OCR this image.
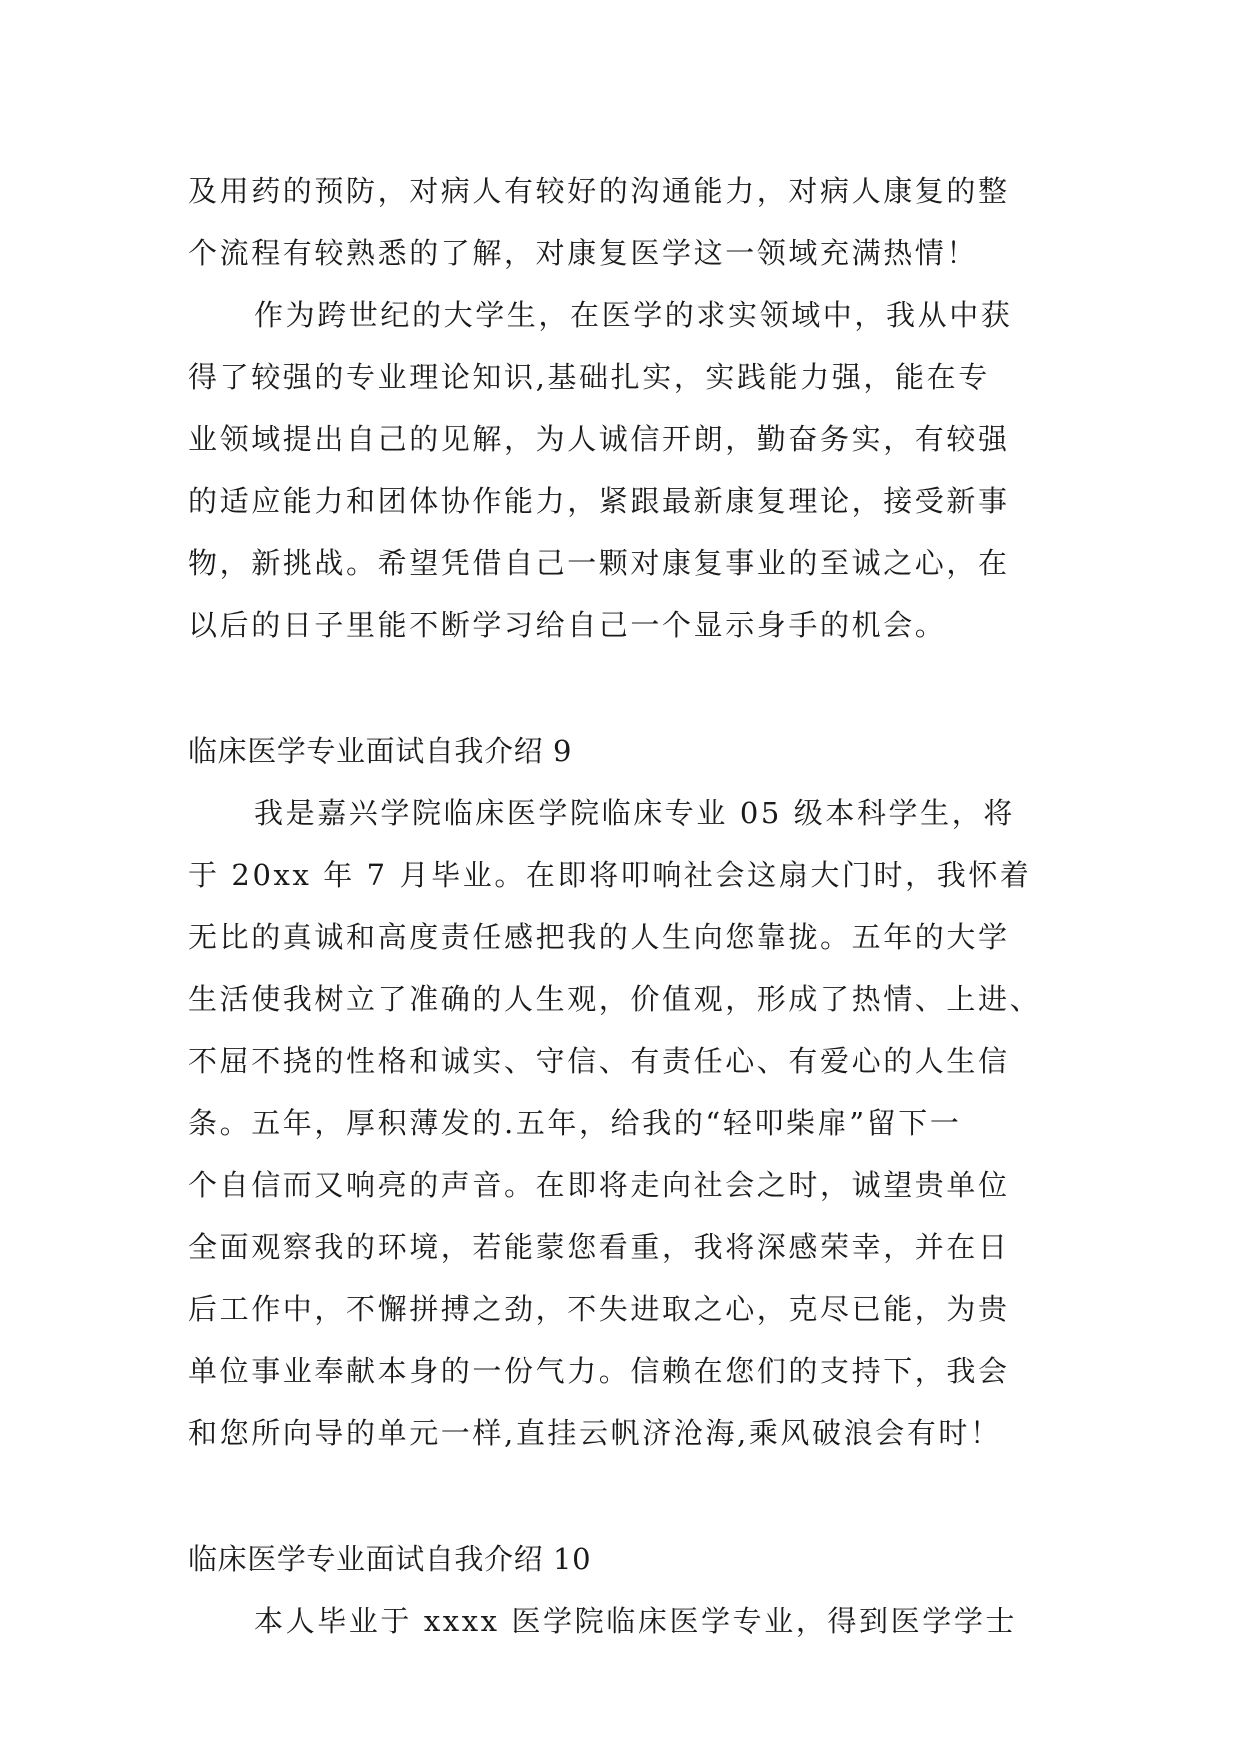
及用药的预防，对病人有较好的沟通能力，对病人康复的整
个流程有较熟悉的了解，对康复医学这一领域充满热情！
作为跨世纪的大学生，在医学的求实领域中，我从中获
得了较强的专业理论知识,基础扎实，实践能力强，能在专
业领域提出自己的见解，为人诚信开朗，勤奋务实，有较强
的适应能力和团体协作能力，紧跟最新康复理论，接受新事
物，新挑战。希望凭借自己一颗对康复事业的至诚之心，在
以后的日子里能不断学习给自己一个显示身手的机会。
临床医学专业面试自我介绍 9
我是嘉兴学院临床医学院临床专业 05 级本科学生，将
于 20xx 年 7 月毕业。在即将叩响社会这扇大门时，我怀着
无比的真诚和高度责任感把我的人生向您靠拢。五年的大学
生活使我树立了准确的人生观，价值观，形成了热情、上进、
不屈不挠的性格和诚实、守信、有责任心、有爱心的人生信
条。五年，厚积薄发的.五年，给我的“轻叩柴扉”留下一
个自信而又响亮的声音。在即将走向社会之时，诚望贵单位
全面观察我的环境，若能蒙您看重，我将深感荣幸，并在日
后工作中，不懈拼搏之劲，不失进取之心，克尽已能，为贵
单位事业奉献本身的一份气力。信赖在您们的支持下，我会
和您所向导的单元一样,直挂云帆济沧海,乘风破浪会有时！
临床医学专业面试自我介绍 10
本人毕业于 xxxx 医学院临床医学专业，得到医学学士
